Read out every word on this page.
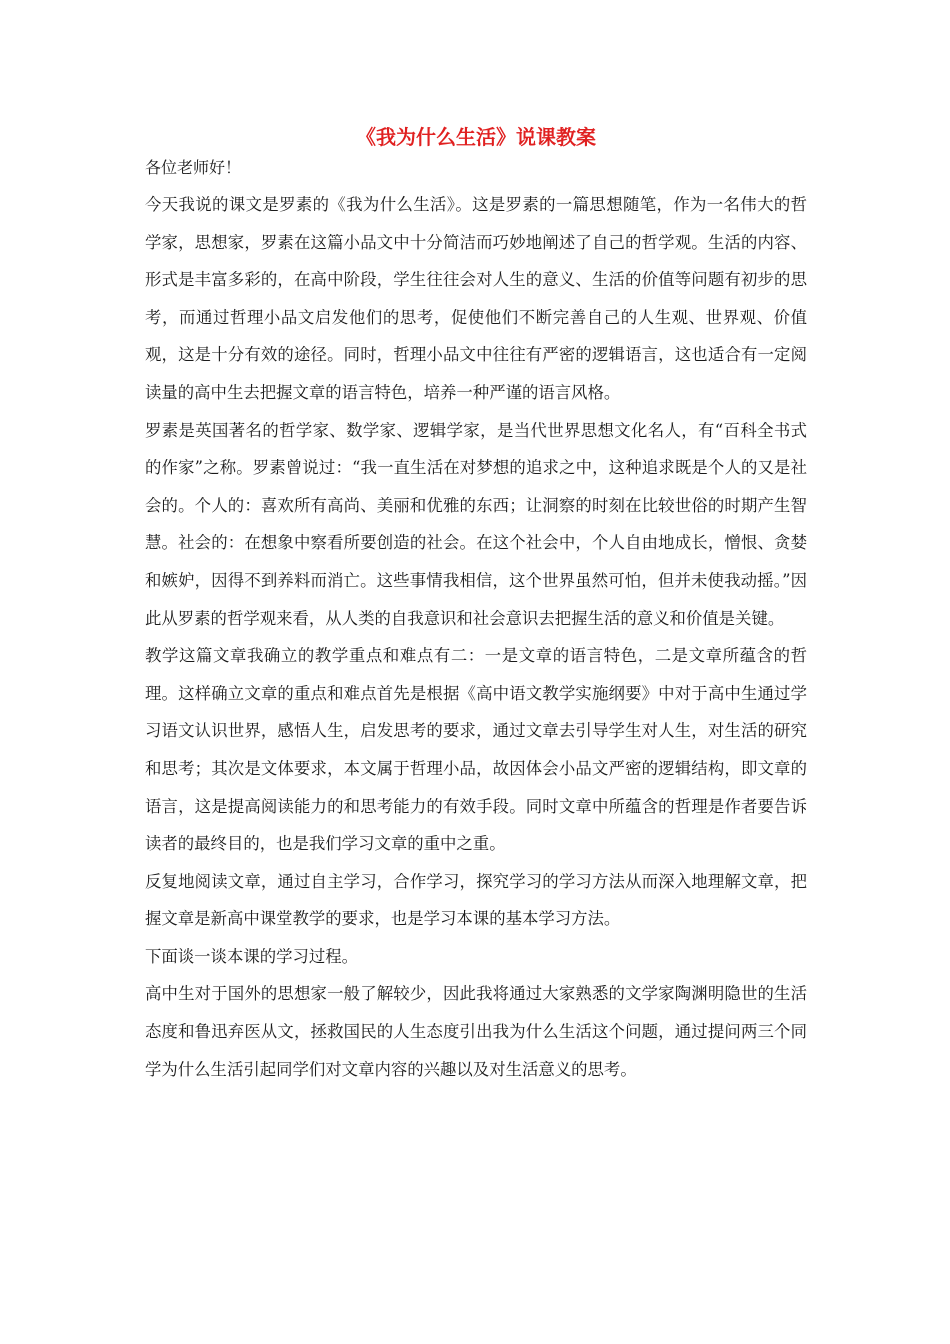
《我为什么生活》说课教案

各位老师好！

今天我说的课文是罗素的《我为什么生活》。这是罗素的一篇思想随笔，作为一名伟大的哲学家，思想家，罗素在这篇小品文中十分简洁而巧妙地阐述了自己的哲学观。生活的内容、形式是丰富多彩的，在高中阶段，学生往往会对人生的意义、生活的价值等问题有初步的思考，而通过哲理小品文启发他们的思考，促使他们不断完善自己的人生观、世界观、价值观，这是十分有效的途径。同时，哲理小品文中往往有严密的逻辑语言，这也适合有一定阅读量的高中生去把握文章的语言特色，培养一种严谨的语言风格。

罗素是英国著名的哲学家、数学家、逻辑学家，是当代世界思想文化名人，有“百科全书式的作家”之称。罗素曾说过：“我一直生活在对梦想的追求之中，这种追求既是个人的又是社会的。个人的：喜欢所有高尚、美丽和优雅的东西；让洞察的时刻在比较世俗的时期产生智慧。社会的：在想象中察看所要创造的社会。在这个社会中，个人自由地成长，憎恨、贪婪和嫉妒，因得不到养料而消亡。这些事情我相信，这个世界虽然可怕，但并未使我动摇。”因此从罗素的哲学观来看，从人类的自我意识和社会意识去把握生活的意义和价值是关键。

教学这篇文章我确立的教学重点和难点有二：一是文章的语言特色，二是文章所蕴含的哲理。这样确立文章的重点和难点首先是根据《高中语文教学实施纲要》中对于高中生通过学习语文认识世界，感悟人生，启发思考的要求，通过文章去引导学生对人生，对生活的研究和思考；其次是文体要求，本文属于哲理小品，故因体会小品文严密的逻辑结构，即文章的语言，这是提高阅读能力的和思考能力的有效手段。同时文章中所蕴含的哲理是作者要告诉读者的最终目的，也是我们学习文章的重中之重。

反复地阅读文章，通过自主学习，合作学习，探究学习的学习方法从而深入地理解文章，把握文章是新高中课堂教学的要求，也是学习本课的基本学习方法。

下面谈一谈本课的学习过程。

高中生对于国外的思想家一般了解较少，因此我将通过大家熟悉的文学家陶渊明隐世的生活态度和鲁迅弃医从文，拯救国民的人生态度引出我为什么生活这个问题，通过提问两三个同学为什么生活引起同学们对文章内容的兴趣以及对生活意义的思考。
